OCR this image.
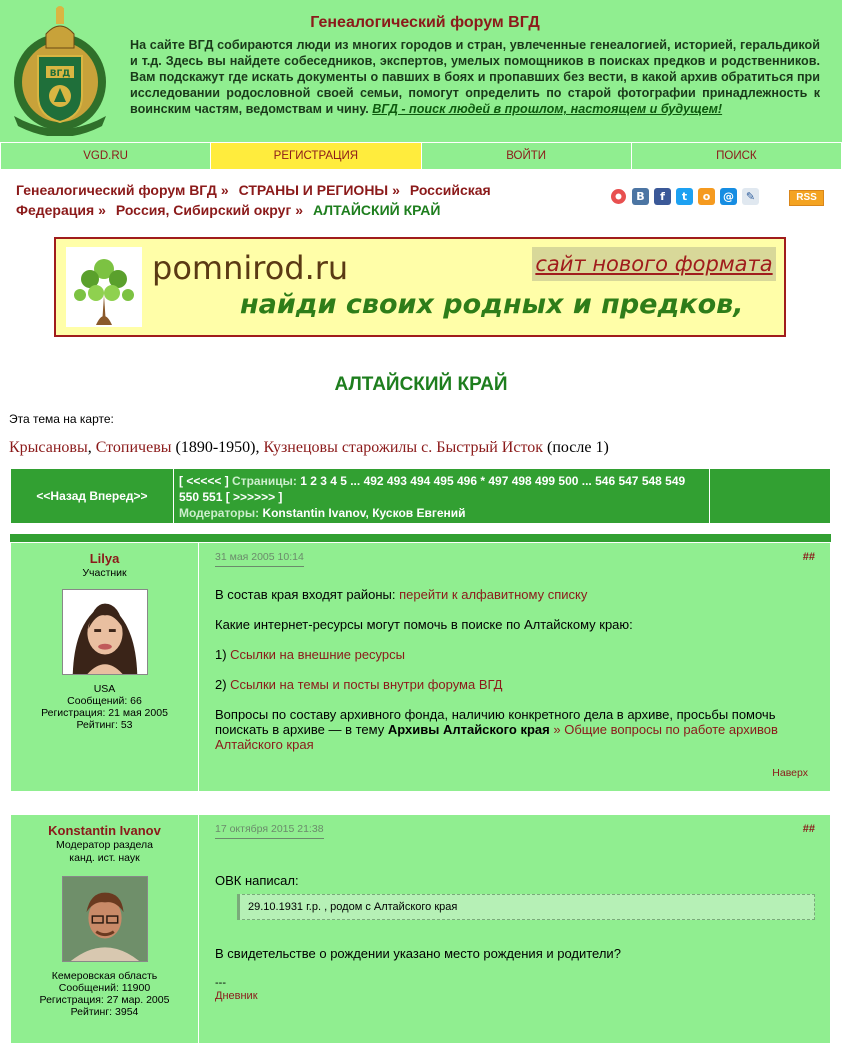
ВГД
Генеалогический форум ВГД
На сайте ВГД собираются люди из многих городов и стран, увлеченные генеалогией, историей, геральдикой и т.д. Здесь вы найдете собеседников, экспертов, умелых помощников в поисках предков и родственников. Вам подскажут где искать документы о павших в боях и пропавших без вести, в какой архив обратиться при исследовании родословной своей семьи, помогут определить по старой фотографии принадлежность к воинским частям, ведомствам и чину. ВГД - поиск людей в прошлом, настоящем и будущем!
VGD.RU	РЕГИСТРАЦИЯ	ВОЙТИ	ПОИСК
Генеалогический форум ВГД » СТРАНЫ И РЕГИОНЫ » Российская Федерация » Россия, Сибирский округ » АЛТАЙСКИЙ КРАЙ
В	f	t	о	@	✎	RSS
pomnirod.ru	сайт нового формата
найди своих родных и предков,
АЛТАЙСКИЙ КРАЙ
Эта тема на карте:
Крысановы, Стопичевы (1890-1950), Кузнецовы старожилы с. Быстрый Исток (после 1)
<<Назад Вперед>>
[ <<<<< ] Страницы: 1 2 3 4 5 ... 492 493 494 495 496 * 497 498 499 500 ... 546 547 548 549
550 551 [ >>>>>> ]
Модераторы: Konstantin Ivanov, Кусков Евгений
Lilya
Участник
USA
Сообщений: 66
Регистрация: 21 мая 2005
Рейтинг: 53
31 мая 2005 10:14	##

В состав края входят районы: перейти к алфавитному списку

Какие интернет-ресурсы могут помочь в поиске по Алтайскому краю:

1) Ссылки на внешние ресурсы

2) Ссылки на темы и посты внутри форума ВГД

Вопросы по составу архивного фонда, наличию конкретного дела в архиве, просьбы помочь поискать в архиве — в тему Архивы Алтайского края » Общие вопросы по работе архивов Алтайского края

Наверх
Konstantin Ivanov
Модератор раздела
канд. ист. наук
Кемеровская область
Сообщений: 11900
Регистрация: 27 мар. 2005
Рейтинг: 3954
17 октября 2015 21:38	##

ОВК написал:

29.10.1931 г.р. , родом с Алтайского края

В свидетельстве о рождении указано место рождения и родители?

---

Дневник
